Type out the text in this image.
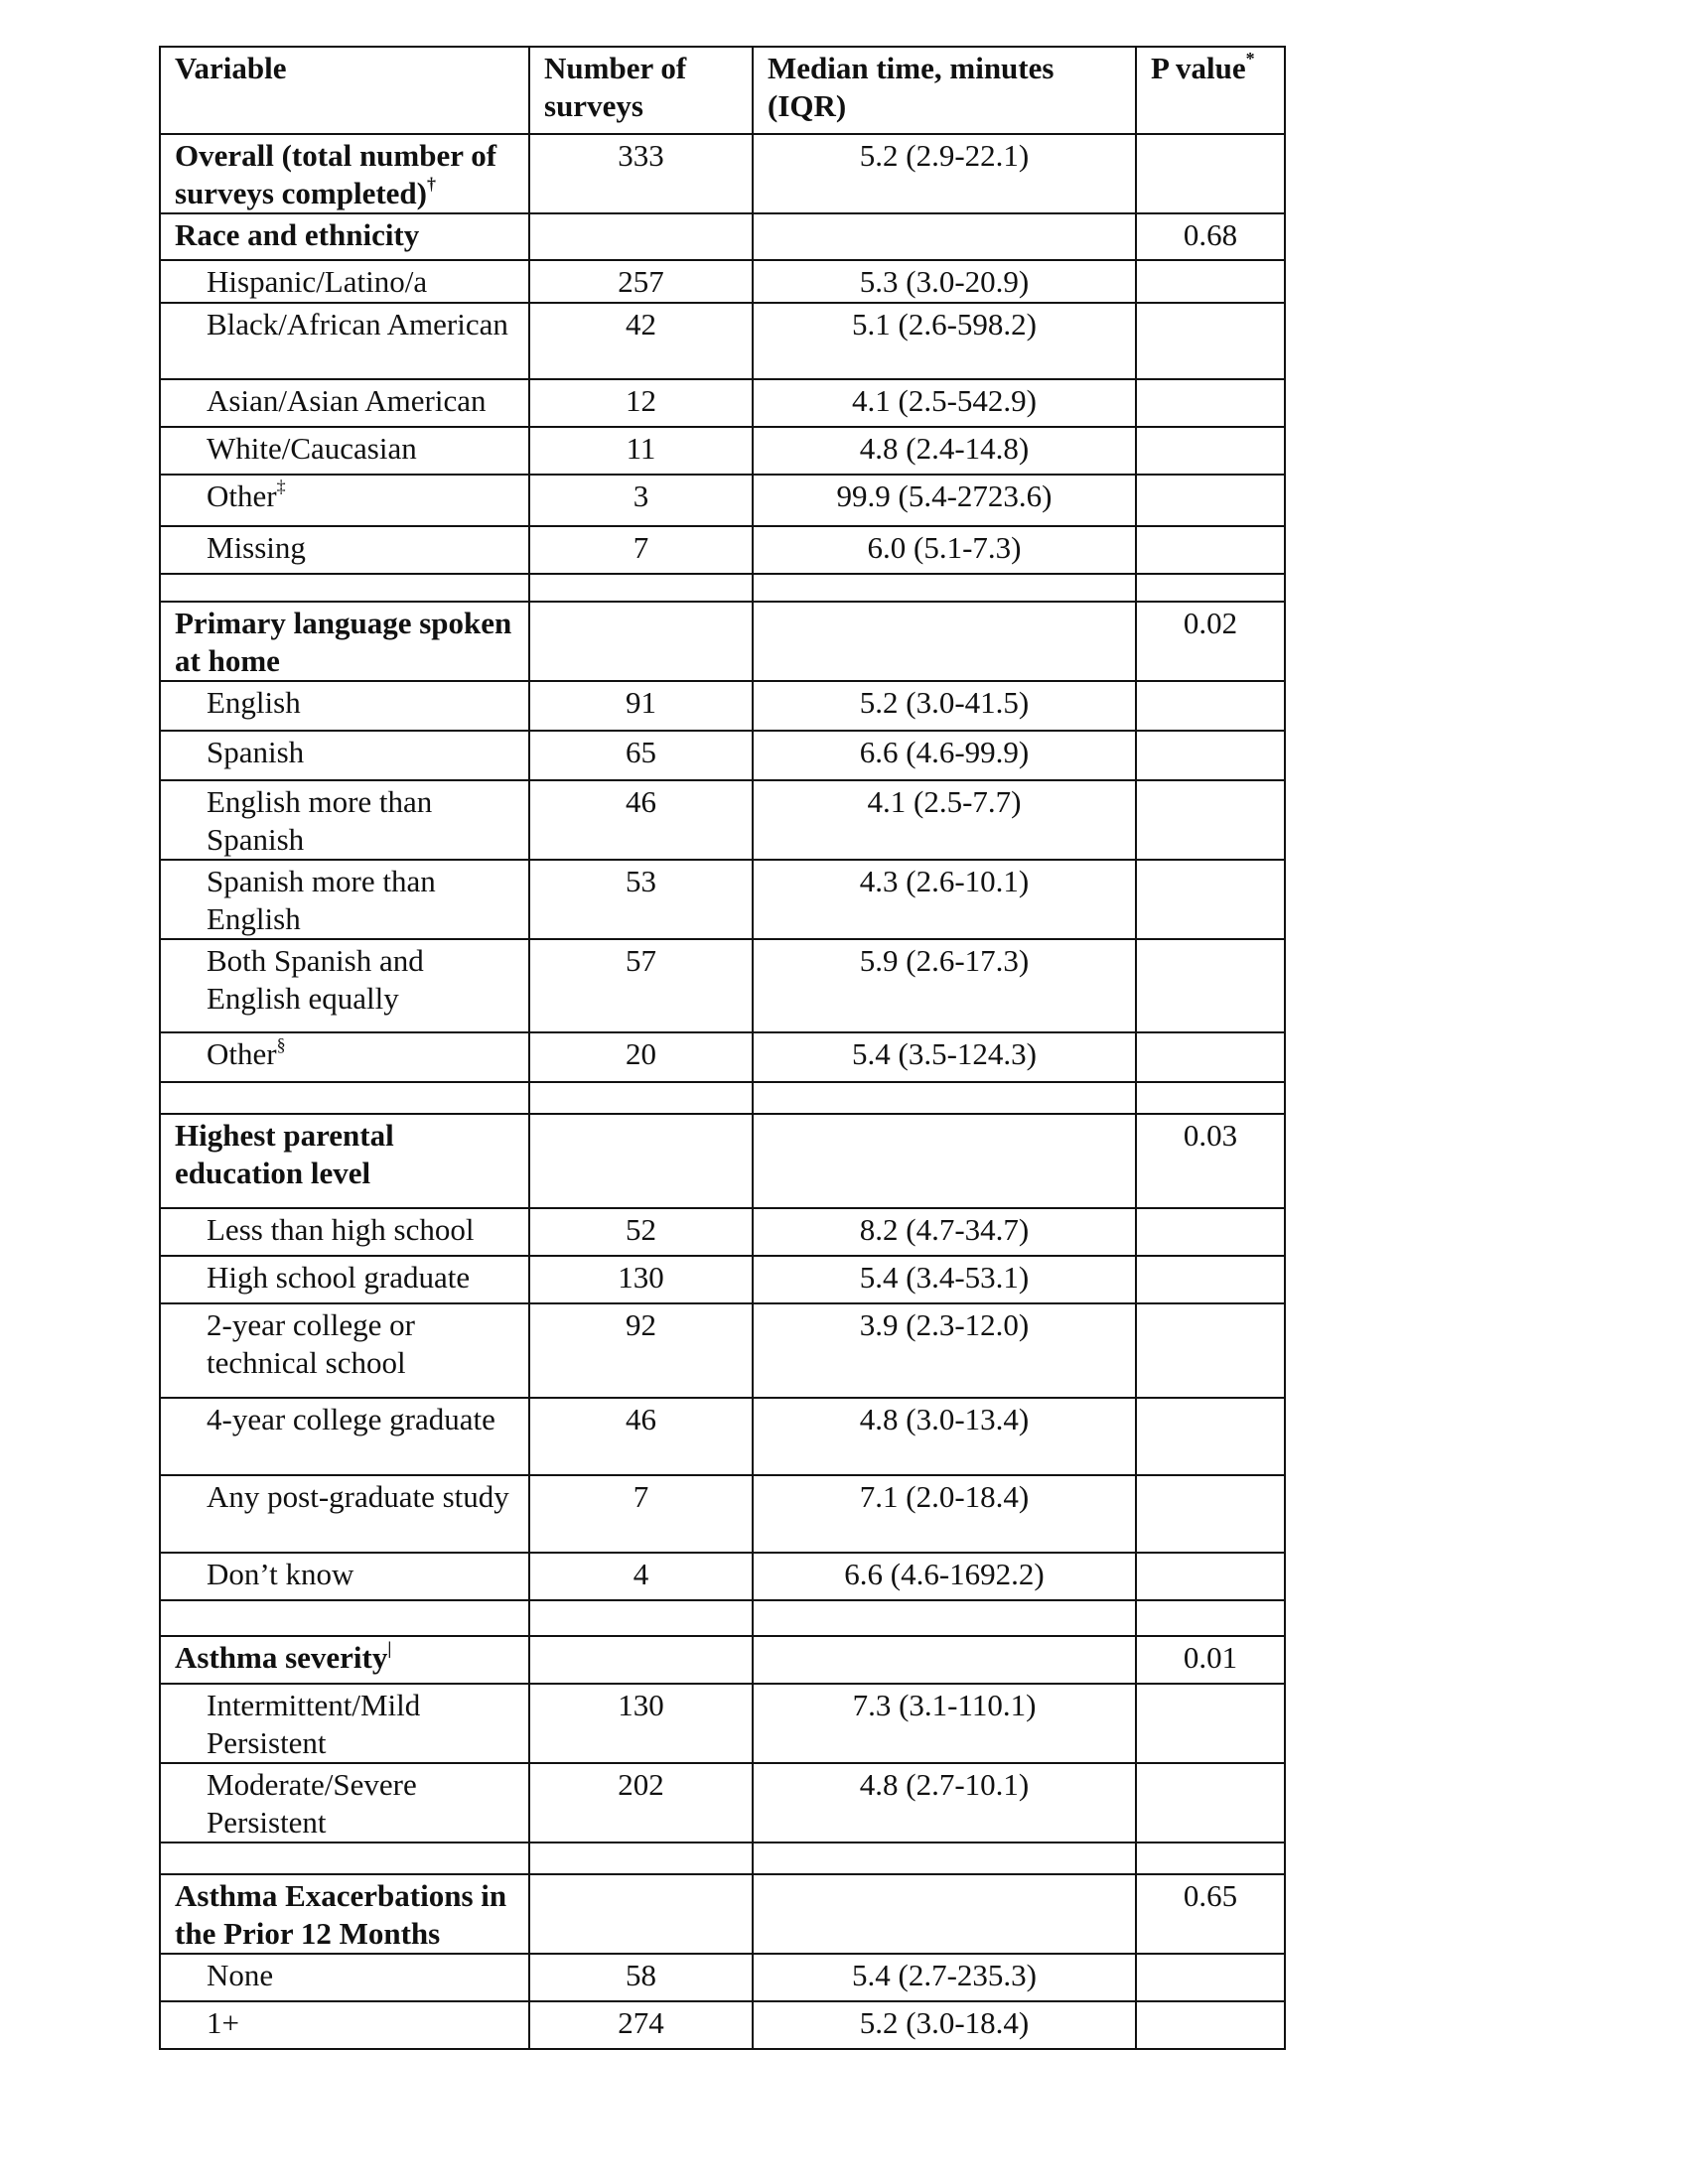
Variable	Number of surveys	Median time, minutes (IQR)	P value*
Overall (total number of surveys completed)†	333	5.2 (2.9-22.1)	
Race and ethnicity			0.68
Hispanic/Latino/a	257	5.3 (3.0-20.9)	
Black/African American	42	5.1 (2.6-598.2)	
Asian/Asian American	12	4.1 (2.5-542.9)	
White/Caucasian	11	4.8 (2.4-14.8)	
Other‡	3	99.9 (5.4-2723.6)	
Missing	7	6.0 (5.1-7.3)	

Primary language spoken at home			0.02
English	91	5.2 (3.0-41.5)	
Spanish	65	6.6 (4.6-99.9)	
English more than Spanish	46	4.1 (2.5-7.7)	
Spanish more than English	53	4.3 (2.6-10.1)	
Both Spanish and English equally	57	5.9 (2.6-17.3)	
Other§	20	5.4 (3.5-124.3)	

Highest parental education level			0.03
Less than high school	52	8.2 (4.7-34.7)	
High school graduate	130	5.4 (3.4-53.1)	
2-year college or technical school	92	3.9 (2.3-12.0)	
4-year college graduate	46	4.8 (3.0-13.4)	
Any post-graduate study	7	7.1 (2.0-18.4)	
Don’t know	4	6.6 (4.6-1692.2)	

Asthma severity|			0.01
Intermittent/Mild Persistent	130	7.3 (3.1-110.1)	
Moderate/Severe Persistent	202	4.8 (2.7-10.1)	

Asthma Exacerbations in the Prior 12 Months			0.65
None	58	5.4 (2.7-235.3)	
1+	274	5.2 (3.0-18.4)	
